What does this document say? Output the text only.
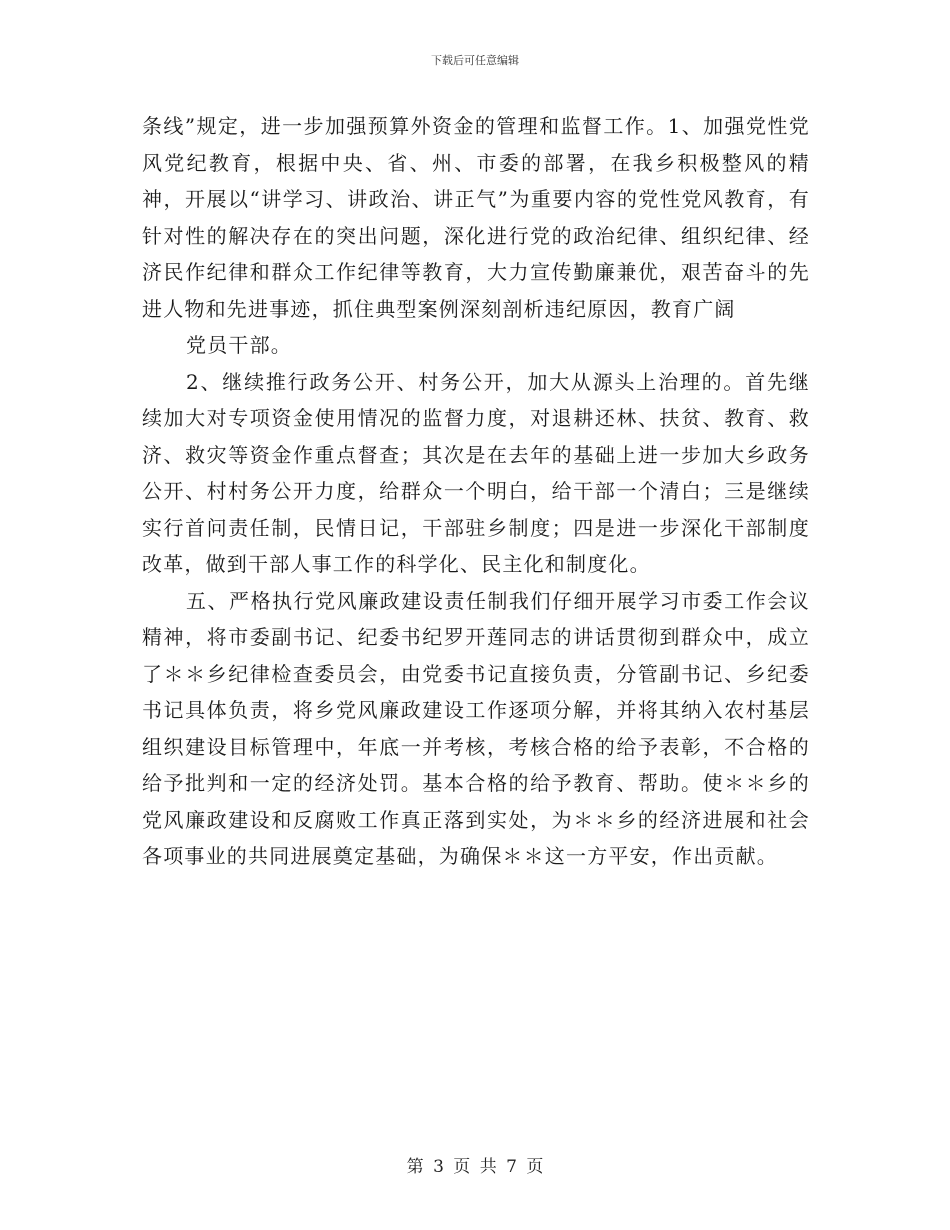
下载后可任意编辑

条线”规定，进一步加强预算外资金的管理和监督工作。1、加强党性党风党纪教育，根据中央、省、州、市委的部署，在我乡积极整风的精神，开展以“讲学习、讲政治、讲正气”为重要内容的党性党风教育，有针对性的解决存在的突出问题，深化进行党的政治纪律、组织纪律、经济民作纪律和群众工作纪律等教育，大力宣传勤廉兼优，艰苦奋斗的先进人物和先进事迹，抓住典型案例深刻剖析违纪原因，教育广阔

党员干部。

2、继续推行政务公开、村务公开，加大从源头上治理的。首先继续加大对专项资金使用情况的监督力度，对退耕还林、扶贫、教育、救济、救灾等资金作重点督查；其次是在去年的基础上进一步加大乡政务公开、村村务公开力度，给群众一个明白，给干部一个清白；三是继续实行首问责任制，民情日记，干部驻乡制度；四是进一步深化干部制度改革，做到干部人事工作的科学化、民主化和制度化。

五、严格执行党风廉政建设责任制我们仔细开展学习市委工作会议精神，将市委副书记、纪委书纪罗开莲同志的讲话贯彻到群众中，成立了＊＊乡纪律检查委员会，由党委书记直接负责，分管副书记、乡纪委书记具体负责，将乡党风廉政建设工作逐项分解，并将其纳入农村基层组织建设目标管理中，年底一并考核，考核合格的给予表彰，不合格的给予批判和一定的经济处罚。基本合格的给予教育、帮助。使＊＊乡的党风廉政建设和反腐败工作真正落到实处，为＊＊乡的经济进展和社会各项事业的共同进展奠定基础，为确保＊＊这一方平安，作出贡献。

第 3 页 共 7 页
